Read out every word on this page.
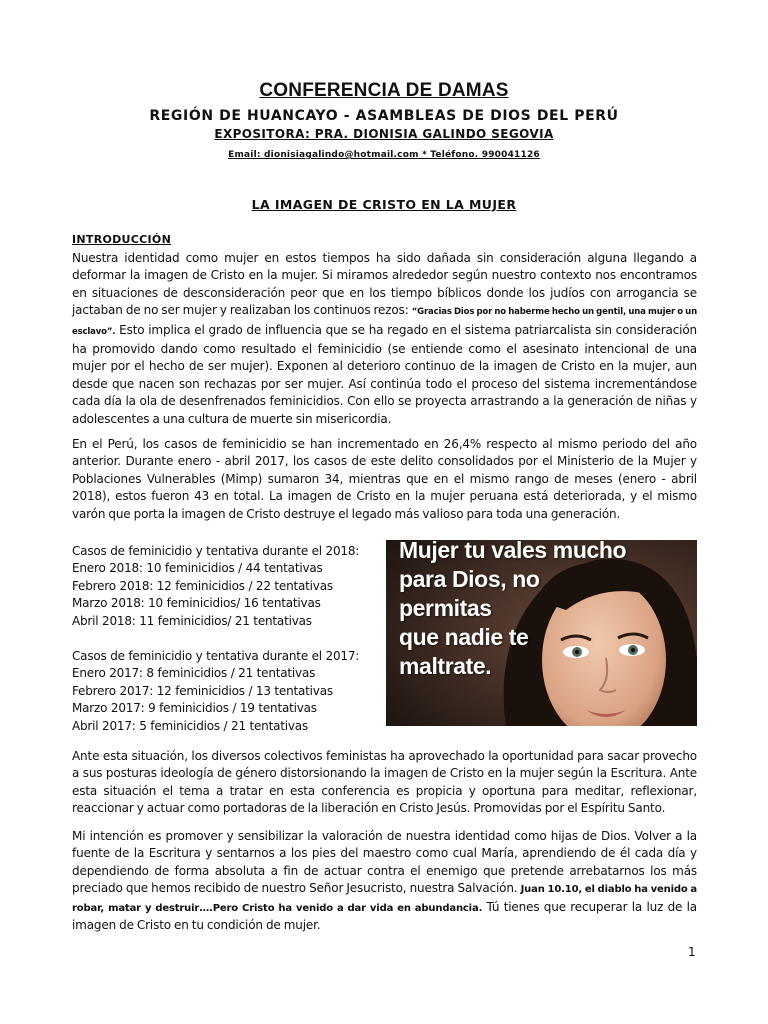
CONFERENCIA DE DAMAS
REGIÓN DE HUANCAYO - ASAMBLEAS DE DIOS DEL PERÚ
EXPOSITORA: PRA. DIONISIA GALINDO SEGOVIA
Email: dionisiagalindo@hotmail.com * Teléfono. 990041126
LA IMAGEN DE CRISTO EN LA MUJER
INTRODUCCIÓN
Nuestra identidad como mujer en estos tiempos ha sido dañada sin consideración alguna llegando a deformar la imagen de Cristo en la mujer. Si miramos alrededor según nuestro contexto nos encontramos en situaciones de desconsideración peor que en los tiempo bíblicos donde los judíos con arrogancia se jactaban de no ser mujer y realizaban los continuos rezos: “Gracias Dios por no haberme hecho un gentil, una mujer o un esclavo”. Esto implica el grado de influencia que se ha regado en el sistema patriarcalista sin consideración ha promovido dando como resultado el feminicidio (se entiende como el asesinato intencional de una mujer por el hecho de ser mujer). Exponen al deterioro continuo de la imagen de Cristo en la mujer, aun desde que nacen son rechazas por ser mujer. Así continúa todo el proceso del sistema incrementándose cada día la ola de desenfrenados feminicidios. Con ello se proyecta arrastrando a la generación de niñas y adolescentes a una cultura de muerte sin misericordia.
En el Perú, los casos de feminicidio se han incrementado en 26,4% respecto al mismo periodo del año anterior. Durante enero - abril 2017, los casos de este delito consolidados por el Ministerio de la Mujer y Poblaciones Vulnerables (Mimp) sumaron 34, mientras que en el mismo rango de meses (enero - abril 2018), estos fueron 43 en total. La imagen de Cristo en la mujer peruana está deteriorada, y el mismo varón que porta la imagen de Cristo destruye el legado más valioso para toda una generación.
Casos de feminicidio y tentativa durante el 2018:
Enero 2018: 10 feminicidios / 44 tentativas
Febrero 2018: 12 feminicidios / 22 tentativas
Marzo 2018: 10 feminicidios/ 16 tentativas
Abril 2018: 11 feminicidios/ 21 tentativas
Casos de feminicidio y tentativa durante el 2017:
Enero 2017: 8 feminicidios / 21 tentativas
Febrero 2017: 12 feminicidios / 13 tentativas
Marzo 2017: 9 feminicidios / 19 tentativas
Abril 2017: 5 feminicidios / 21 tentativas
Mujer tu vales mucho
para Dios, no
permitas
que nadie te
maltrate.
Ante esta situación, los diversos colectivos feministas ha aprovechado la oportunidad para sacar provecho a sus posturas ideología de género distorsionando la imagen de Cristo en la mujer según la Escritura. Ante esta situación el tema a tratar en esta conferencia es propicia y oportuna para meditar, reflexionar, reaccionar y actuar como portadoras de la liberación en Cristo Jesús. Promovidas por el Espíritu Santo.
Mi intención es promover y sensibilizar la valoración de nuestra identidad como hijas de Dios. Volver a la fuente de la Escritura y sentarnos a los pies del maestro como cual María, aprendiendo de él cada día y dependiendo de forma absoluta a fin de actuar contra el enemigo que pretende arrebatarnos los más preciado que hemos recibido de nuestro Señor Jesucristo, nuestra Salvación. Juan 10.10, el diablo ha venido a robar, matar y destruir….Pero Cristo ha venido a dar vida en abundancia. Tú tienes que recuperar la luz de la imagen de Cristo en tu condición de mujer.
1
